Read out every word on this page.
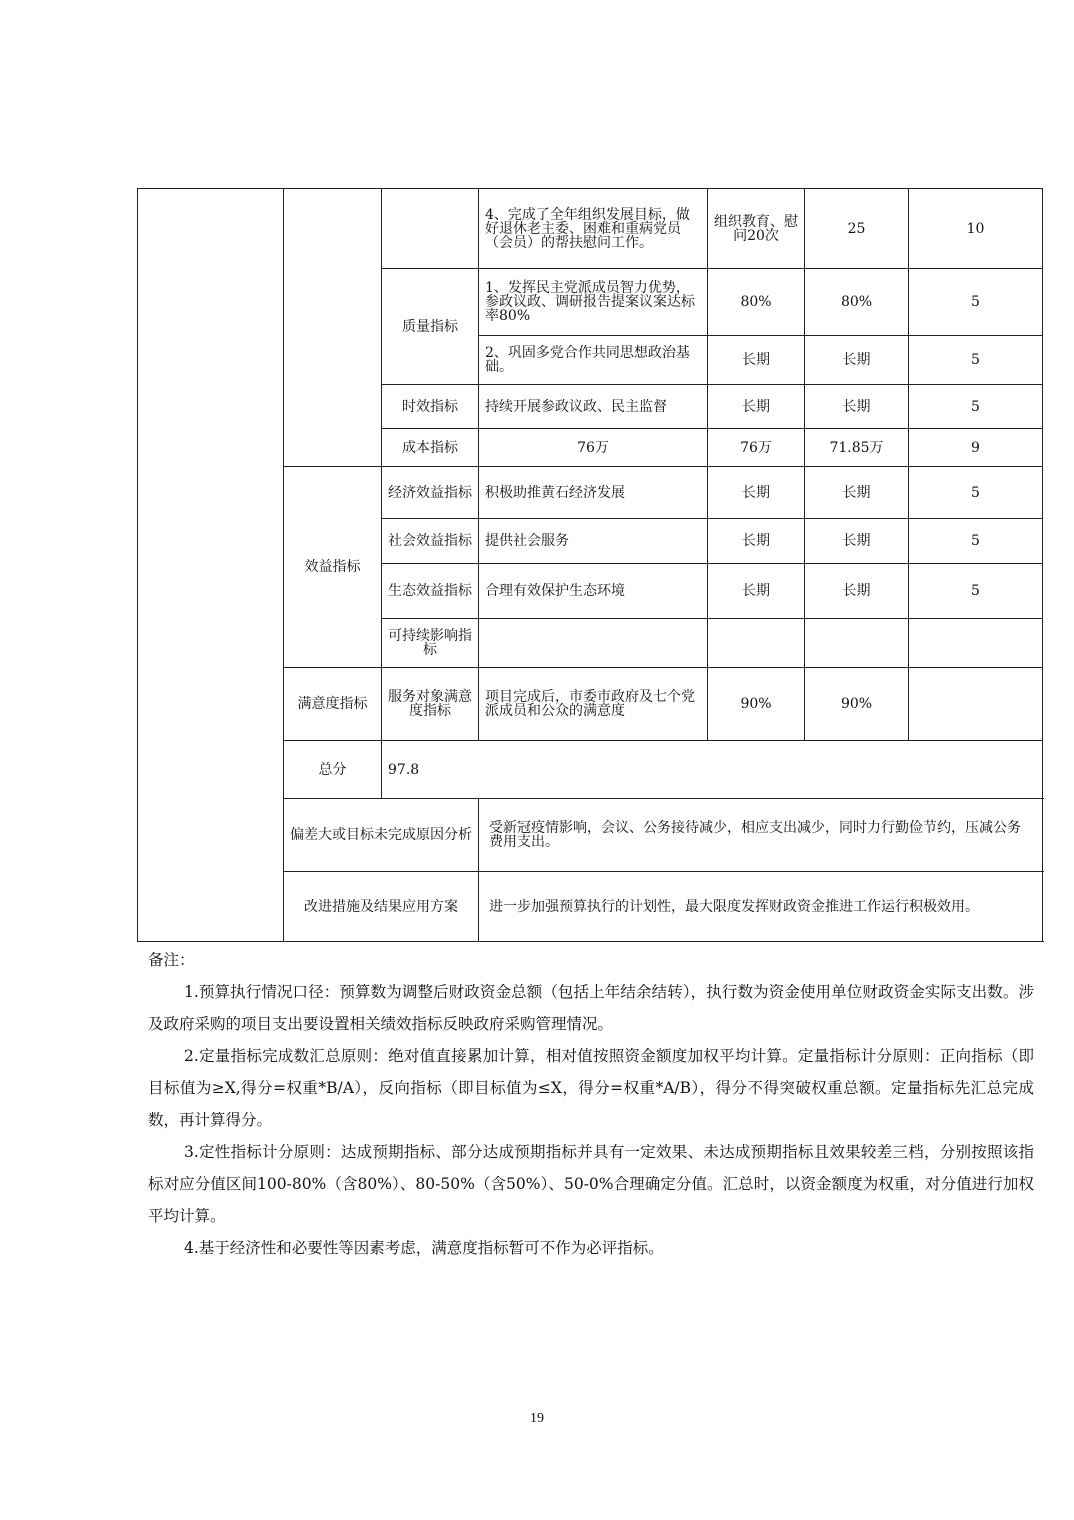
			4、完成了全年组织发展目标，做好退休老主委、困难和重病党员（会员）的帮扶慰问工作。	组织教育、慰问20次	25	10
		质量指标	1、发挥民主党派成员智力优势，参政议政、调研报告提案议案达标率80%	80%	80%	5
			2、巩固多党合作共同思想政治基础。	长期	长期	5
		时效指标	持续开展参政议政、民主监督	长期	长期	5
		成本指标	76万	76万	71.85万	9
	效益指标	经济效益指标	积极助推黄石经济发展	长期	长期	5
		社会效益指标	提供社会服务	长期	长期	5
		生态效益指标	合理有效保护生态环境	长期	长期	5
		可持续影响指标				
	满意度指标	服务对象满意度指标	项目完成后，市委市政府及七个党派成员和公众的满意度	90%	90%	
	总分	97.8				
	偏差大或目标未完成原因分析		受新冠疫情影响，会议、公务接待减少，相应支出减少，同时力行勤俭节约，压减公务费用支出。			
	改进措施及结果应用方案		进一步加强预算执行的计划性，最大限度发挥财政资金推进工作运行积极效用。			
备注：

1.预算执行情况口径：预算数为调整后财政资金总额（包括上年结余结转），执行数为资金使用单位财政资金实际支出数。涉及政府采购的项目支出要设置相关绩效指标反映政府采购管理情况。

2.定量指标完成数汇总原则：绝对值直接累加计算，相对值按照资金额度加权平均计算。定量指标计分原则：正向指标（即目标值为≥X,得分=权重*B/A），反向指标（即目标值为≤X，得分=权重*A/B），得分不得突破权重总额。定量指标先汇总完成数，再计算得分。

3.定性指标计分原则：达成预期指标、部分达成预期指标并具有一定效果、未达成预期指标且效果较差三档，分别按照该指标对应分值区间100-80%（含80%）、80-50%（含50%）、50-0%合理确定分值。汇总时，以资金额度为权重，对分值进行加权平均计算。

4.基于经济性和必要性等因素考虑，满意度指标暂可不作为必评指标。

19
